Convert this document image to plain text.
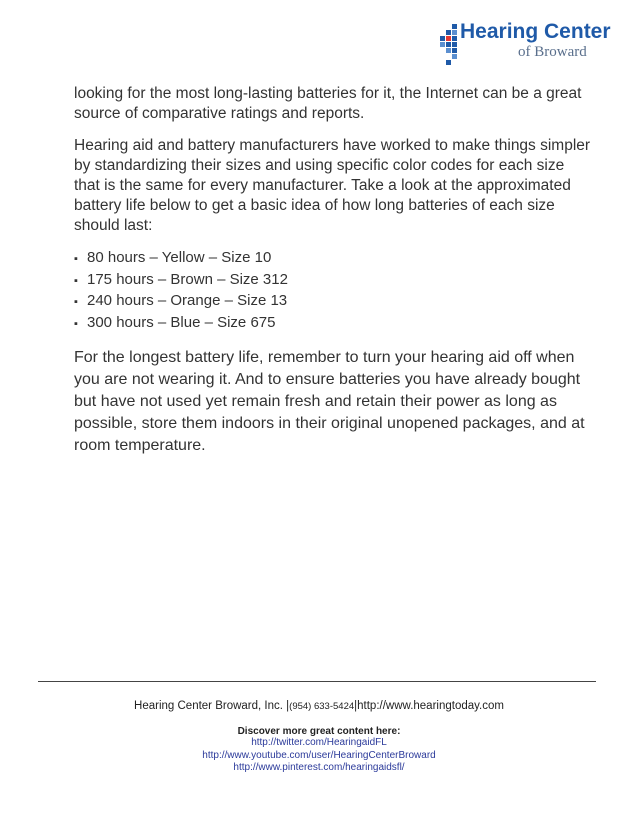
Hearing Center
of Broward

looking for the most long-lasting batteries for it, the Internet can be a great source of comparative ratings and reports.

Hearing aid and battery manufacturers have worked to make things simpler by standardizing their sizes and using specific color codes for each size that is the same for every manufacturer. Take a look at the approximated battery life below to get a basic idea of how long batteries of each size should last:

▪ 80 hours – Yellow – Size 10
▪ 175 hours – Brown – Size 312
▪ 240 hours – Orange – Size 13
▪ 300 hours – Blue – Size 675

For the longest battery life, remember to turn your hearing aid off when you are not wearing it. And to ensure batteries you have already bought but have not used yet remain fresh and retain their power as long as possible, store them indoors in their original unopened packages, and at room temperature.

Hearing Center Broward, Inc. |(954) 633-5424|http://www.hearingtoday.com
Discover more great content here:
http://twitter.com/HearingaidFL
http://www.youtube.com/user/HearingCenterBroward
http://www.pinterest.com/hearingaidsfl/
